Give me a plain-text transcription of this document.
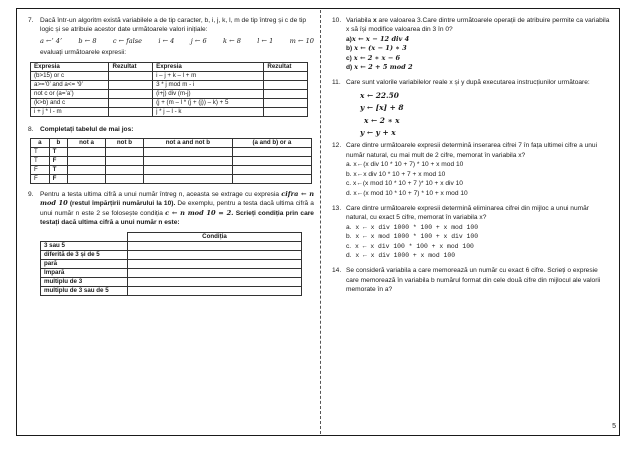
7. Dacă într-un algoritm există variabilele a de tip caracter, b, i, j, k, l, m de tip întreg și c de tip logic și se atribuie acestor date următoarele valori inițiale:
a ←’ 4’ b ← 8 c ← false i ← 4 j ← 6 k ← 8 l ← 1 m ← 10
evaluați următoarele expresii:
Expresia	Rezultat	Expresia	Rezultat
(b>15) or c		i – j + k – l + m	
a>=’0’ and a<= ‘9’		3 * j mod m - i	
not c or (a=’a’)		(i+j) div (m-j)	
(k>b) and c		(j + (m – l * (j + (j)) – k) + 5	
i + j * l - m		j * j – l - k	
8. Completați tabelul de mai jos:
a	b	not a	not b	not a and not b	(a and b) or a
T	T				
T	F				
F	T				
F	F				
9. Pentru a testa ultima cifră a unui număr întreg n, aceasta se extrage cu expresia cifra ← n mod 10 (restul împărțirii numărului la 10). De exemplu, pentru a testa dacă ultima cifră a unui număr n este 2 se folosește condiția c ← n mod 10 = 2. Scrieți condiția prin care testați dacă ultima cifră a unui număr n este:
	Condiția
3 sau 5	
diferită de 3 și de 5	
pară	
Impară	
multiplu de 3	
multiplu de 3 sau de 5	
10. Variabila x are valoarea 3.Care dintre următoarele operații de atribuire permite ca variabila x să își modifice valoarea din 3 în 0?
a)x ← x − 12 div 4
b) x ← (x − 1) ∗ 3
c) x ← 2 ∗ x − 6
d) x ← 2 + 5 mod 2
11. Care sunt valorile variabilelor reale x și y după executarea instrucțiunilor următoare:
x ← 22.50
y ← [x] + 8
x ← 2 ∗ x
y ← y + x
12. Care dintre următoarele expresii determină inserarea cifrei 7 în fața ultimei cifre a unui număr natural, cu mai mult de 2 cifre, memorat în variabila x?
a. x←(x div 10 * 10 + 7) * 10 + x mod 10
b. x←x div 10 * 10 + 7 + x mod 10
c. x←(x mod 10 * 10 + 7 )* 10 + x div 10
d. x←(x mod 10 * 10 + 7) * 10 + x mod 10
13. Care dintre următoarele expresii determină eliminarea cifrei din mijloc a unui număr natural, cu exact 5 cifre, memorat în variabila x?
a. x ← x div 1000 * 100 + x mod 100
b. x ← x mod 1000 * 100 + x div 100
c. x ← x div 100 * 100 + x mod 100
d. x ← x div 1000 + x mod 100
14. Se consideră variabila a care memorează un număr cu exact 6 cifre. Scrieți o expresie care memorează în variabila b numărul format din cele două cifre din mijlocul ale valorii memorate în a?
5
